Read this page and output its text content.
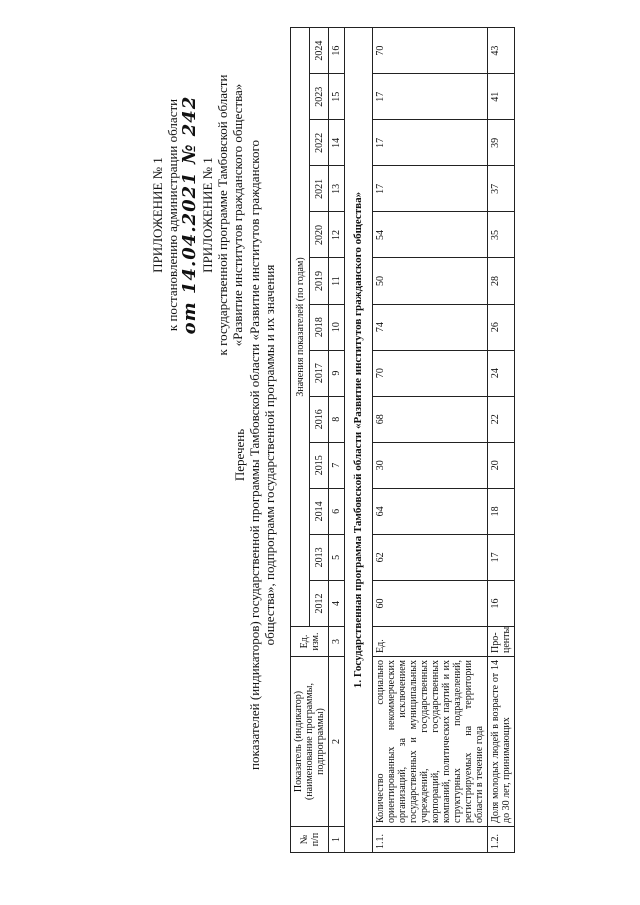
ПРИЛОЖЕНИЕ № 1 к постановлению администрации области от 14.04.2021 № 242 ПРИЛОЖЕНИЕ № 1 к государственной программе Тамбовской области «Развитие институтов гражданского общества»
Перечень показателей (индикаторов) государственной программы Тамбовской области «Развитие институтов гражданского общества», подпрограмм государственной программы и их значения
№ п/п	Показатель (индикатор) (наименование программы, подпрограммы)	Ед. изм.	Значения показателей (по годам)												
			2012	2013	2014	2015	2016	2017	2018	2019	2020	2021	2022	2023	2024
1	2	3	4	5	6	7	8	9	10	11	12	13	14	15	16
1. Государственная программа Тамбовской области «Развитие институтов гражданского общества»															
1.1.	Количество социально ориентированных некоммерческих организаций, за исключением государственных и муниципальных учреждений, государственных корпораций, государственных компаний, политических партий и их структурных подразделений, регистрируемых на территории области в течение года	Ед.	60	62	64	30	68	70	74	50	54	17	17	17	70
1.2.	Доля молодых людей в возрасте от 14 до 30 лет, принимающих	Про- центы	16	17	18	20	22	24	26	28	35	37	39	41	43
